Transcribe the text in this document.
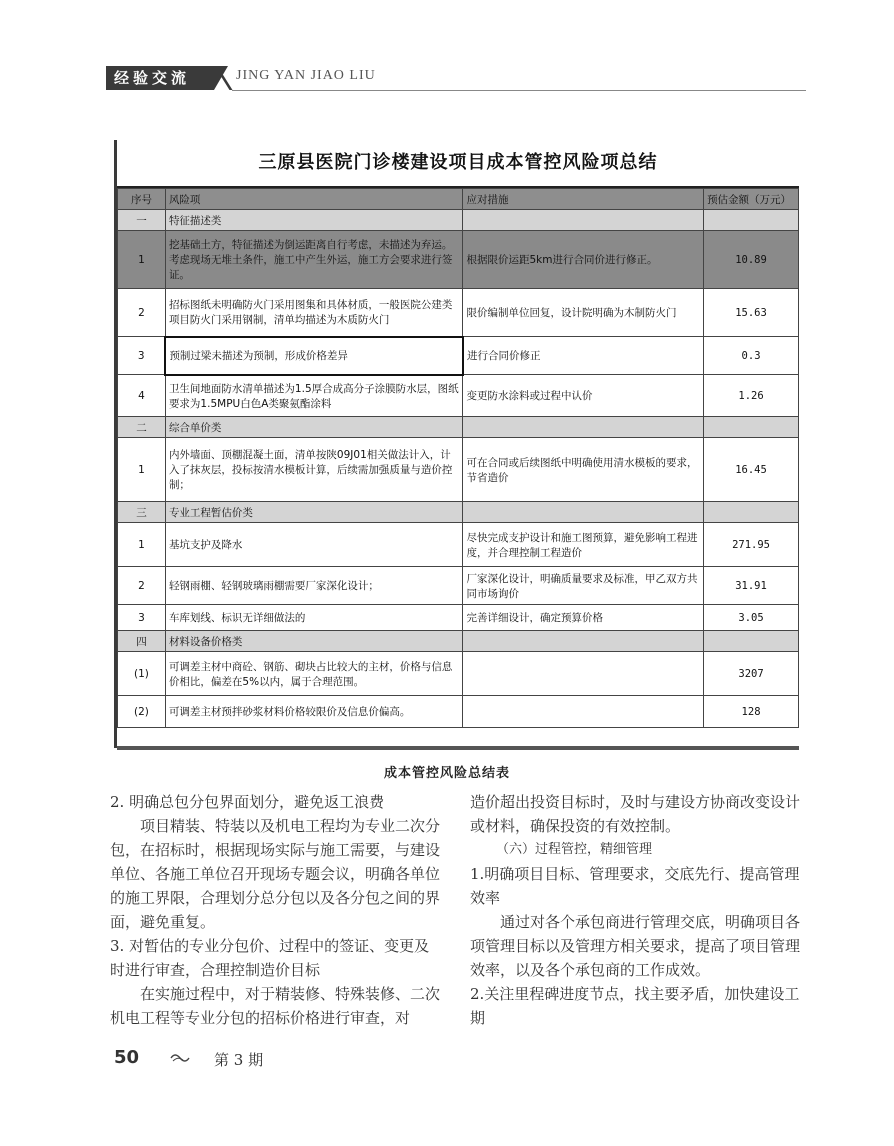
经验交流	JING YAN JIAO LIU
三原县医院门诊楼建设项目成本管控风险项总结
序号	风险项	应对措施	预估金额（万元）
一	特征描述类		
1	挖基础土方，特征描述为倒运距离自行考虑，未描述为弃运。考虑现场无堆土条件，施工中产生外运，施工方会要求进行签证。	根据限价运距5km进行合同价进行修正。	10.89
2	招标图纸未明确防火门采用图集和具体材质，一般医院公建类项目防火门采用钢制，清单均描述为木质防火门	限价编制单位回复，设计院明确为木制防火门	15.63
3	预制过梁未描述为预制，形成价格差异	进行合同价修正	0.3
4	卫生间地面防水清单描述为1.5厚合成高分子涂膜防水层，图纸要求为1.5MPU白色A类聚氨酯涂料	变更防水涂料或过程中认价	1.26
二	综合单价类		
1	内外墙面、顶棚混凝土面，清单按陕09J01相关做法计入，计入了抹灰层，投标按清水模板计算，后续需加强质量与造价控制；	可在合同或后续图纸中明确使用清水模板的要求，节省造价	16.45
三	专业工程暂估价类		
1	基坑支护及降水	尽快完成支护设计和施工图预算，避免影响工程进度，并合理控制工程造价	271.95
2	轻钢雨棚、轻钢玻璃雨棚需要厂家深化设计；	厂家深化设计，明确质量要求及标准，甲乙双方共同市场询价	31.91
3	车库划线、标识无详细做法的	完善详细设计，确定预算价格	3.05
四	材料设备价格类		
(1)	可调差主材中商砼、钢筋、砌块占比较大的主材，价格与信息价相比，偏差在5%以内，属于合理范围。		3207
(2)	可调差主材预拌砂浆材料价格较限价及信息价偏高。		128
成本管控风险总结表

2. 明确总包分包界面划分，避免返工浪费

项目精装、特装以及机电工程均为专业二次分包，在招标时，根据现场实际与施工需要，与建设单位、各施工单位召开现场专题会议，明确各单位的施工界限，合理划分总分包以及各分包之间的界面，避免重复。

3. 对暂估的专业分包价、过程中的签证、变更及时进行审查，合理控制造价目标

在实施过程中，对于精装修、特殊装修、二次机电工程等专业分包的招标价格进行审查，对

造价超出投资目标时，及时与建设方协商改变设计或材料，确保投资的有效控制。

（六）过程管控，精细管理

1.明确项目目标、管理要求，交底先行、提高管理效率

通过对各个承包商进行管理交底，明确项目各项管理目标以及管理方相关要求，提高了项目管理效率，以及各个承包商的工作成效。

2.关注里程碑进度节点，找主要矛盾，加快建设工期

50	第 3 期
